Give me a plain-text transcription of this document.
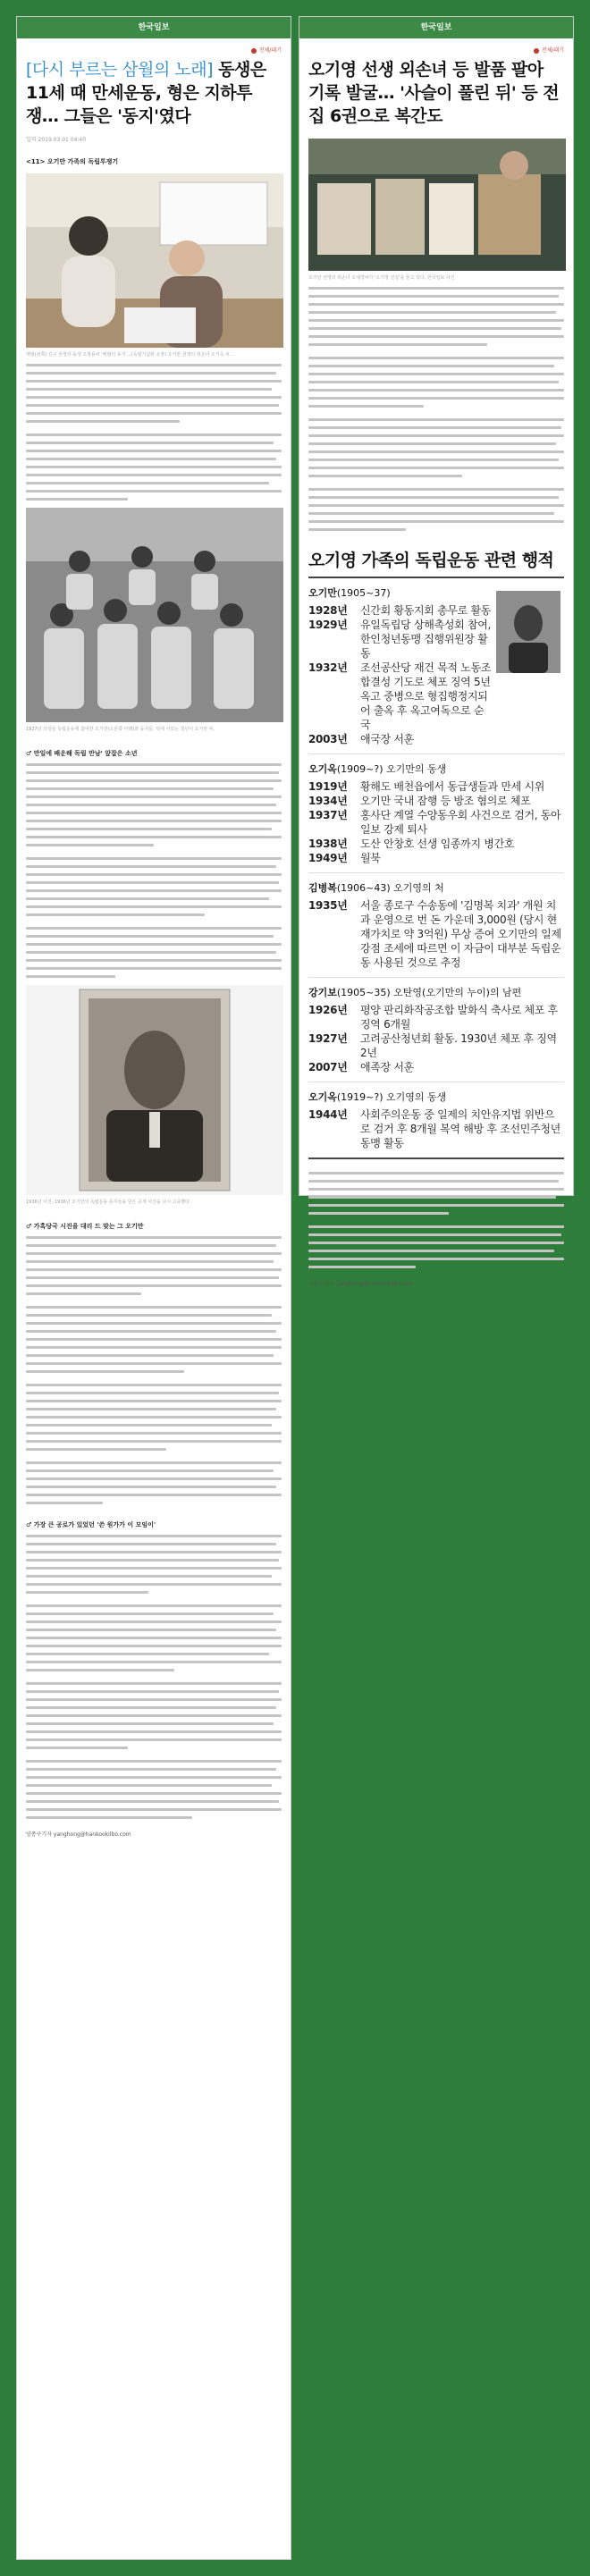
한국일보
전체/패기
[다시 부르는 삼월의 노래] 동생은 11세 때 만세운동, 형은 지하투쟁… 그들은 '동지'였다
입력 2019.03.01 04:40
<11> 오기만 가족의 독립투쟁기
백범(왼쪽) 김구 선생의 동생 오방용씨 '백범의 동지'…(독립기념관 소장) 오기만 선생의 외손녀 오기옥 씨…
1927년 의성들 독립운동에 참여한 오기만(오른쪽 아래)과 동지들. 뒤에 서있는 청년이 오기만 씨.
♂ 만일에 배운해 독립 만남' 앞잡은 소년
1936년 사진. 1936년 오기만의 독립운동 동지들을 담은 공개 사진을 다시 고증했다.
♂ 가혹당국 시진을 대리 드 맞는 그 오기만
♂ 가장 큰 공로가 있었던 '쓴 원가가 이 모임이'
양종구기자 yanghong@hankookilbo.com
한국일보
전체/패기
오기영 선생 외손녀 등 발품 팔아 기록 발굴… '사슬이 풀린 뒤' 등 전집 6권으로 복간도
오기만 선생의 외손녀 오세경씨가 '오기영 전집'을 들고 있다. 한국일보 사진
오기영 가족의 독립운동 관련 행적
오기만(1905~37)
1928년	신간회 황동지회 총무로 활동
1929년	유일독립당 상해촉성회 참여, 한인청년동맹 집행위원장 활동
1932년	조선공산당 재건 목적 노동조합결성 기도로 체포 징역 5년 옥고 중병으로 형집행정지되어 출옥 후 옥고여독으로 순국
2003년	애국장 서훈
오기옥(1909~?) 오기만의 동생
1919년	황해도 배천읍에서 동급생들과 만세 시위
1934년	오기만 국내 잠행 등 방조 혐의로 체포
1937년	홍사단 계열 수양동우회 사건으로 검거, 동아일보 강제 퇴사
1938년	도산 안창호 선생 임종까지 병간호
1949년	월북
김병복(1906~43) 오기영의 처
1935년	서울 종로구 수송동에 '김명복 치과' 개원 치과 운영으로 번 돈 가운데 3,000원 (당시 현재가치로 약 3억원) 무상 증여 오기만의 일제강점 조세에 따르면 이 자금이 대부분 독립운동 사용된 것으로 추정
강기보(1905~35) 오탄영(오기만의 누이)의 남편
1926년	평양 판리화작공조합 발화식 축사로 체포 후 징역 6개월
1927년	고려공산청년회 활동. 1930년 체포 후 징역 2년
2007년	애족장 서훈
오기옥(1919~?) 오기영의 동생
1944년	사회주의운동 중 일제의 치안유지법 위반으로 검거 후 8개월 복역 해방 후 조선민주청년동맹 활동
양종구기자 yanghong@hankookilbo.com
